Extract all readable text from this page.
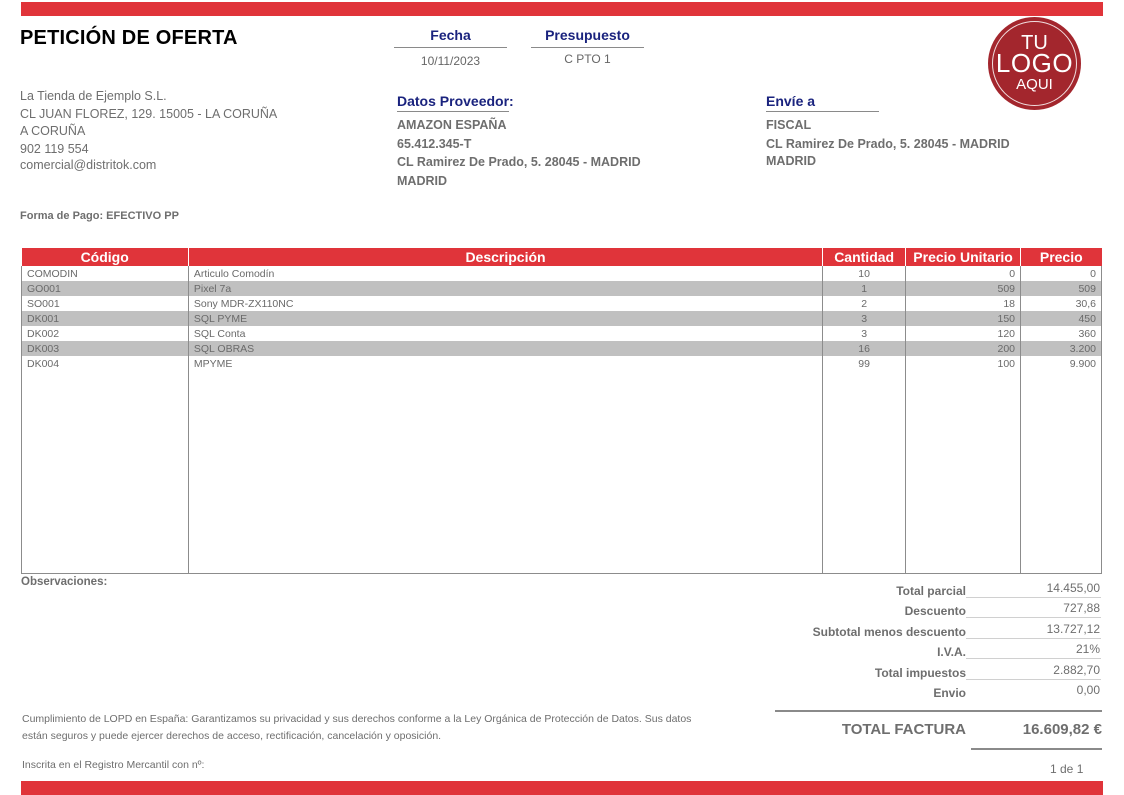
PETICIÓN DE OFERTA	Fecha
10/11/2023
Presupuesto
C PTO 1
TU
LOGO
AQUI
La Tienda de Ejemplo S.L.
CL JUAN FLOREZ, 129. 15005 - LA CORUÑA
A CORUÑA
902 119 554
comercial@distritok.com
Datos Proveedor:
AMAZON ESPAÑA
65.412.345-T
CL Ramirez De Prado, 5. 28045 - MADRID
MADRID
Envíe a
FISCAL
CL Ramirez De Prado, 5. 28045 - MADRID
MADRID
Forma de Pago: EFECTIVO PP
Código	Descripción	Cantidad	Precio Unitario	Precio
COMODIN	Articulo Comodín	10	0	0
GO001	Pixel 7a	1	509	509
SO001	Sony MDR-ZX110NC	2	18	30,6
DK001	SQL PYME	3	150	450
DK002	SQL Conta	3	120	360
DK003	SQL OBRAS	16	200	3.200
DK004	MPYME	99	100	9.900

Observaciones:
Total parcial	14.455,00
Descuento	727,88
Subtotal menos descuento	13.727,12
I.V.A.	21%
Total impuestos	2.882,70
Envio	0,00
TOTAL FACTURA	16.609,82 €
Cumplimiento de LOPD en España: Garantizamos su privacidad y sus derechos conforme a la Ley Orgánica de Protección de Datos. Sus datos
están seguros y puede ejercer derechos de acceso, rectificación, cancelación y oposición.
Inscrita en el Registro Mercantil con nº:	1 de 1
